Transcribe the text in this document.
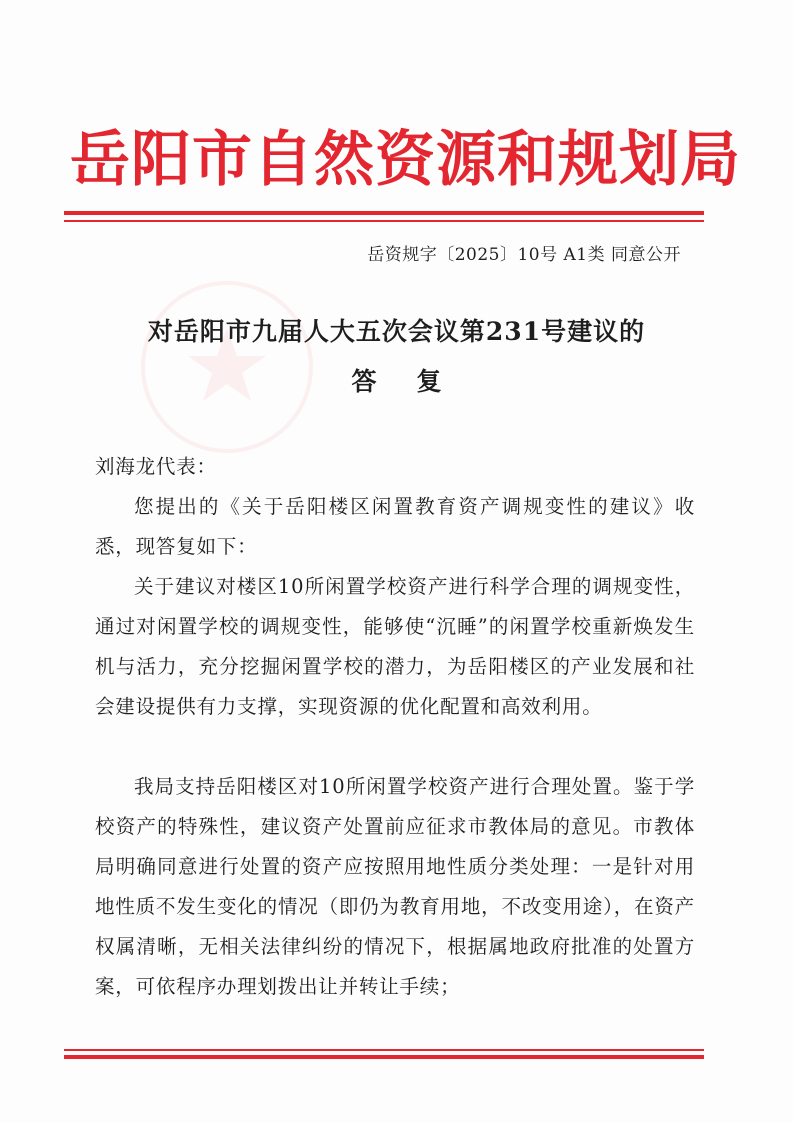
岳阳市自然资源和规划局
岳资规字〔2025〕10号 A1类 同意公开
对岳阳市九届人大五次会议第231号建议的
答复
刘海龙代表：

您提出的《关于岳阳楼区闲置教育资产调规变性的建议》收悉，现答复如下：

关于建议对楼区10所闲置学校资产进行科学合理的调规变性，通过对闲置学校的调规变性，能够使“沉睡”的闲置学校重新焕发生机与活力，充分挖掘闲置学校的潜力，为岳阳楼区的产业发展和社会建设提供有力支撑，实现资源的优化配置和高效利用。

我局支持岳阳楼区对10所闲置学校资产进行合理处置。鉴于学校资产的特殊性，建议资产处置前应征求市教体局的意见。市教体局明确同意进行处置的资产应按照用地性质分类处理：一是针对用地性质不发生变化的情况（即仍为教育用地，不改变用途），在资产权属清晰，无相关法律纠纷的情况下，根据属地政府批准的处置方案，可依程序办理划拨出让并转让手续；
